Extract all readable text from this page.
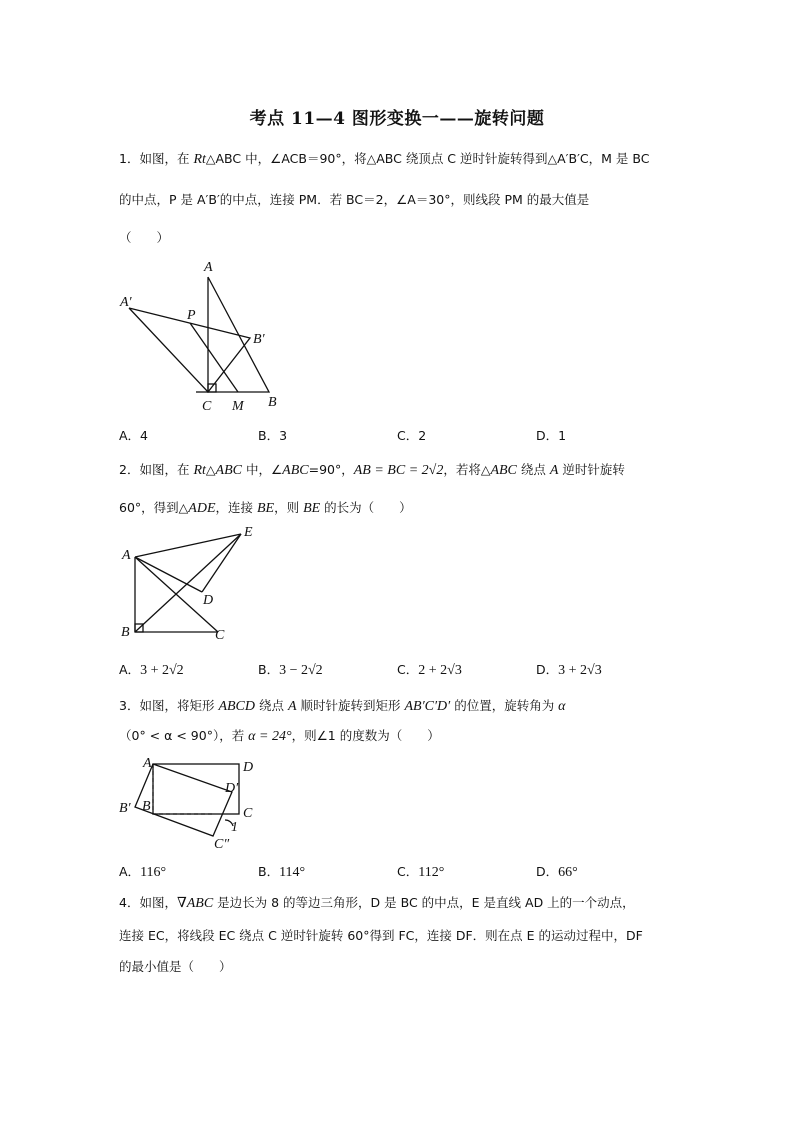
考点 11—4 图形变换一——旋转问题
1．如图，在 Rt△ABC 中，∠ACB＝90°，将△ABC 绕顶点 C 逆时针旋转得到△A′B′C，M 是 BC
的中点，P 是 A′B′的中点，连接 PM．若 BC＝2，∠A＝30°，则线段 PM 的最大值是
（　　）
A
A′
P
B′
C M B
A．4	B．3	C．2	D．1
2．如图，在 Rt△ABC 中，∠ABC=90°，AB = BC = 2√2，若将△ABC 绕点 A 逆时针旋转
60°，得到△ADE，连接 BE，则 BE 的长为（　　）
A
E
D
B	C
A．3 + 2√2	B．3 − 2√2	C．2 + 2√3	D．3 + 2√3
3．如图，将矩形 ABCD 绕点 A 顺时针旋转到矩形 AB′C′D′ 的位置，旋转角为 α
（0° < α < 90°），若 α = 24°，则∠1 的度数为（　　）
A	D
D′
B′ B	C
1
C″
A．116°	B．114°	C．112°	D．66°
4．如图，∇ABC 是边长为 8 的等边三角形，D 是 BC 的中点，E 是直线 AD 上的一个动点，
连接 EC，将线段 EC 绕点 C 逆时针旋转 60°得到 FC，连接 DF．则在点 E 的运动过程中，DF
的最小值是（　　）
